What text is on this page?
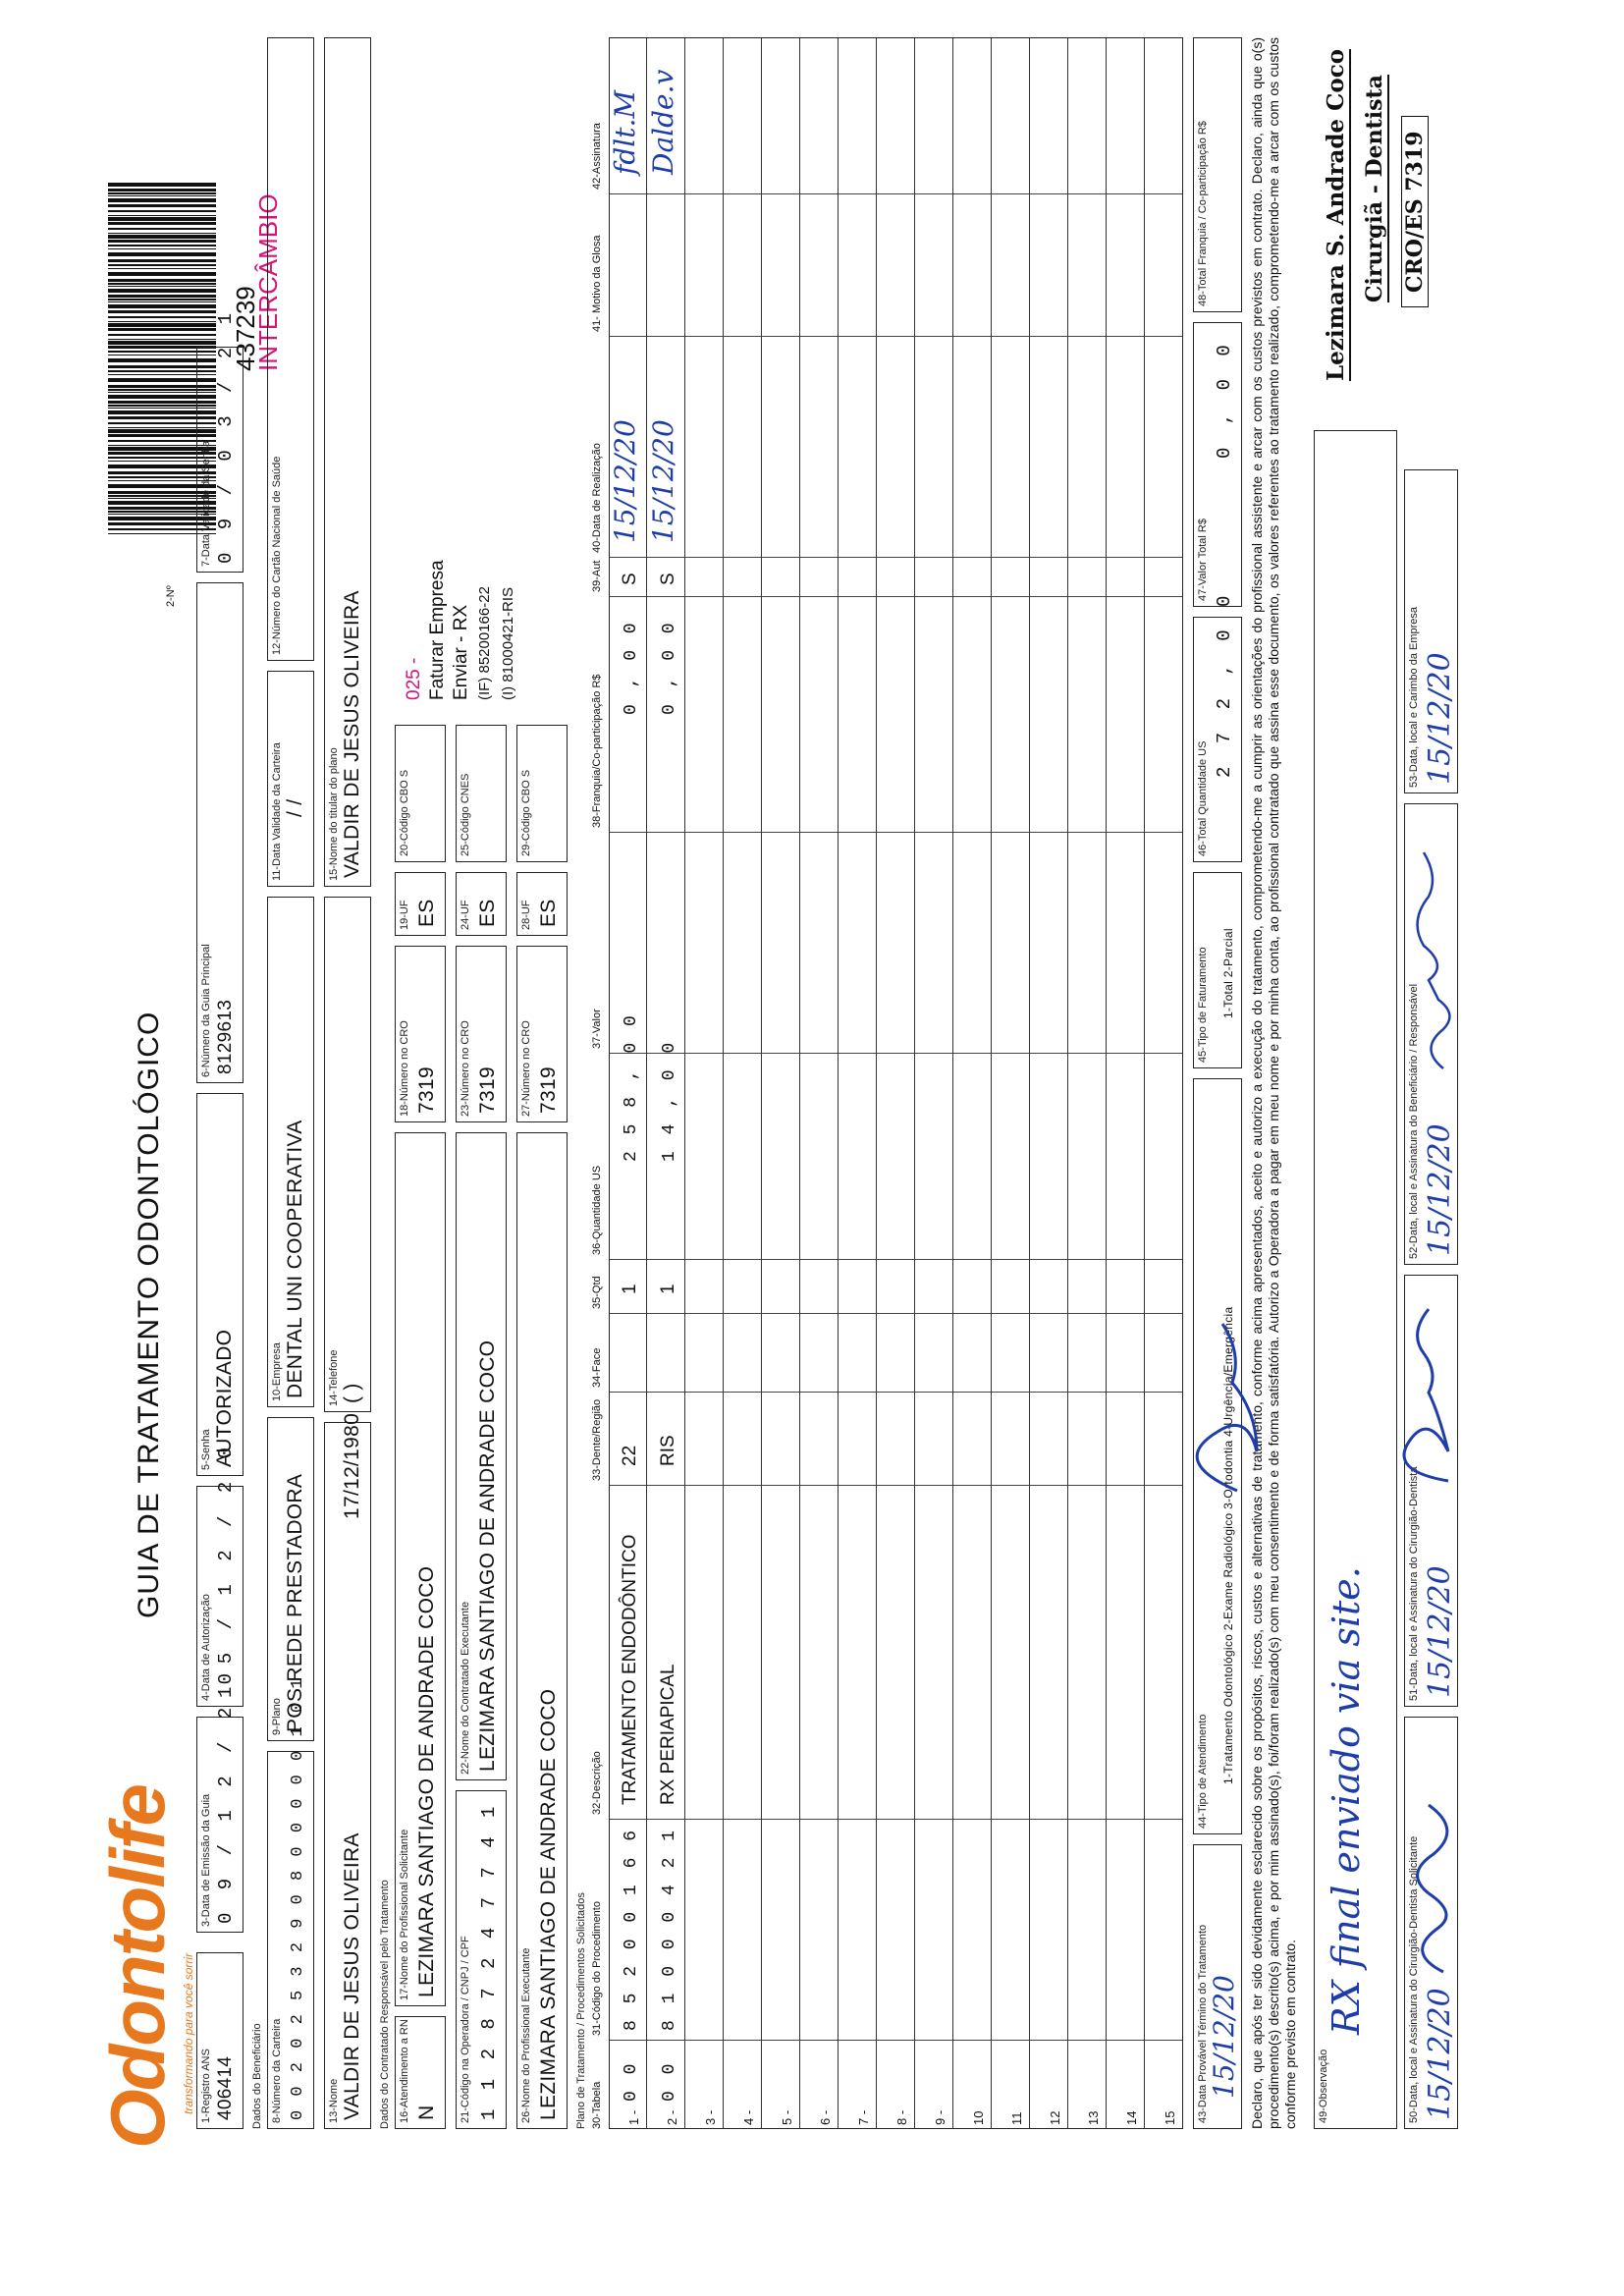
Odontolife transformando para você sorrir
GUIA DE TRATAMENTO ODONTOLÓGICO
2-Nº
437239
INTERCÂMBIO
1-Registro ANS 406414
3-Data de Emissão da Guia 0 9 / 1 2 / 2 0
4-Data de Autorização 1 5 / 1 2 / 2 0
5-Senha AUTORIZADO
6-Número da Guia Principal 8129613
7-Data Validade da Senha 0 9 / 0 3 / 2 1
Dados do Beneficiário 8-Número da Carteira 0 0 2 0 2 5 3 2 9 0 8 0 0 0 0 0 1 0 1
9-Plano POS REDE PRESTADORA
10-Empresa DENTAL UNI COOPERATIVA
11-Data Validade da Carteira / /
12-Número do Cartão Nacional de Saúde
13-Nome VALDIR DE JESUS OLIVEIRA
17/12/1980
14-Telefone ( )
15-Nome do titular do plano VALDIR DE JESUS OLIVEIRA
Dados do Contratado Responsável pelo Tratamento 16-Atendimento a RN N
17-Nome do Profissional Solicitante LEZIMARA SANTIAGO DE ANDRADE COCO
18-Número no CRO 7319
19-UF ES
20-Código CBO S
21-Código na Operadora / CNPJ / CPF 1 1 2 8 7 2 4 7 7 4 1
22-Nome do Contratado Executante LEZIMARA SANTIAGO DE ANDRADE COCO
23-Número no CRO 7319
24-UF ES
25-Código CNES
26-Nome do Profissional Executante LEZIMARA SANTIAGO DE ANDRADE COCO
27-Número no CRO 7319
28-UF ES
29-Código CBO S
025 - Faturar Empresa Enviar - RX (IF) 85200166-22 (I) 81000421-RIS
Plano de Tratamento / Procedimentos Solicitados 30-Tabela
31-Código do Procedimento
32-Descrição
33-Dente/Região
34-Face
35-Qtd
36-Quantidade US
37-Valor
38-Franquia/Co-participação R$
39-Aut
40-Data de Realização
41- Motivo da Glosa
42-Assinatura
1 -
0 0
8 5 2 0 0 1 6 6
TRATAMENTO ENDODÔNTICO
22
1
2 5 8 , 0 0
0 , 0 0
S
15/12/20
fdlt.M
2 -
0 0
8 1 0 0 0 4 2 1
RX PERIAPICAL
RIS
1
1 4 , 0 0
0 , 0 0
S
15/12/20
Dalde.v
3 - 4 - 5 - 6 - 7 - 8 - 9 - 10 11 12 13 14 15 43-Data Provável Término do Tratamento 15/12/20
44-Tipo de Atendimento 1-Tratamento Odontológico 2-Exame Radiológico 3-Ortodontia 4-Urgência/Emergência
45-Tipo de Faturamento 1-Total 2-Parcial
46-Total Quantidade US
2 7 2 , 0 0
47-Valor Total R$
0 , 0 0
48-Total Franquia / Co-participação R$	Declaro, que após ter sido devidamente esclarecido sobre os propósitos, riscos, custos e alternativas de tratamento, conforme acima apresentados, aceito e autorizo a execução do tratamento, comprometendo-me a cumprir as orientações do profissional assistente e arcar com os custos previstos em contrato. Declaro, ainda que o(s) procedimento(s) descrito(s) acima, e por mim assinado(s), foi/foram realizado(s) com meu consentimento e de forma satisfatória. Autorizo a Operadora a pagar em meu nome e por minha conta, ao profissional contratado que assina esse documento, os valores referentes ao tratamento realizado, comprometendo-me a arcar com os custos conforme previsto em contrato. 49-Observação
RX final enviado via site.
Lezimara S. Andrade Coco Cirurgiã - Dentista CRO/ES 7319
50-Data, local e Assinatura do Cirurgião-Dentista Solicitante 15/12/20
51-Data, local e Assinatura do Cirurgião-Dentista 15/12/20
52-Data, local e Assinatura do Beneficiário / Responsável 15/12/20
53-Data, local e Carimbo da Empresa 15/12/20
